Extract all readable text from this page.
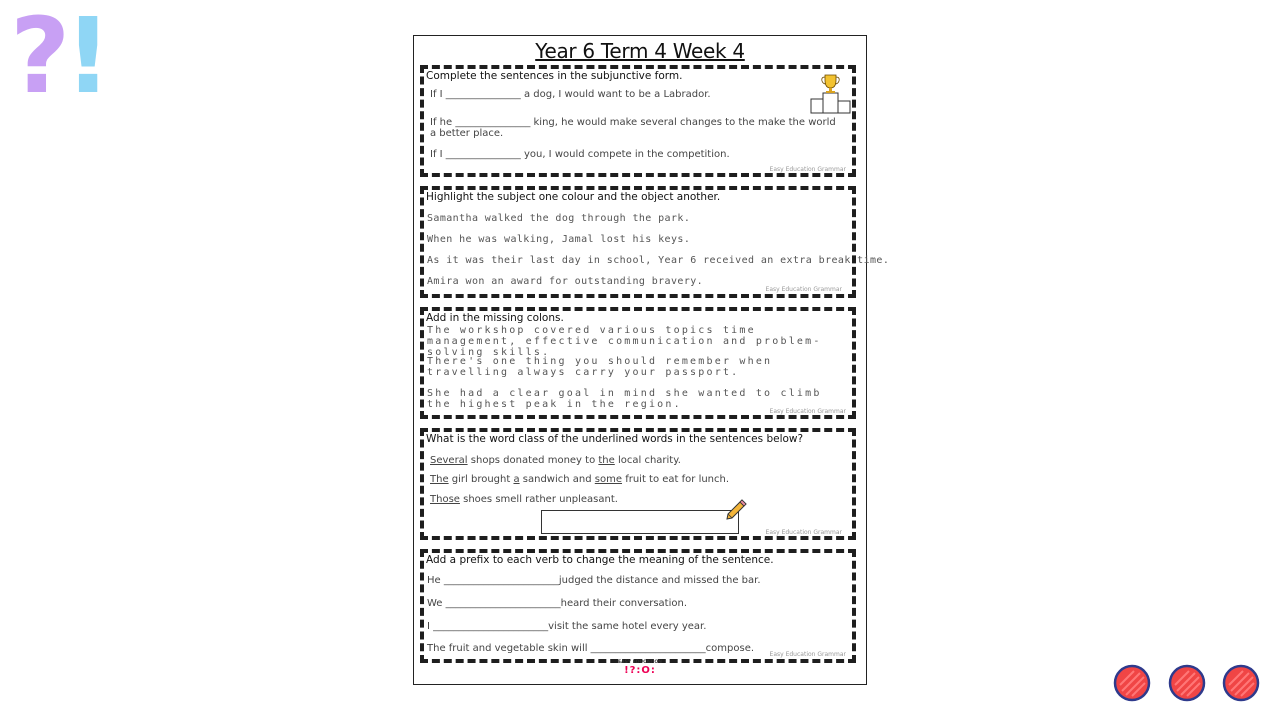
?!	Year 6 Term 4 Week 4
Complete the sentences in the subjunctive form.
If I _______________ a dog, I would want to be a Labrador.
If he _______________ king, he would make several changes to the make the world a better place.
If I _______________ you, I would compete in the competition.
Easy Education Grammar
Highlight the subject one colour and the object another.
Samantha walked the dog through the park.
When he was walking, Jamal lost his keys.
As it was their last day in school, Year 6 received an extra break time.
Amira won an award for outstanding bravery.
Easy Education Grammar
Add in the missing colons.
The workshop covered various topics time management, effective communication and problem-solving skills.
There's one thing you should remember when travelling always carry your passport.
She had a clear goal in mind she wanted to climb the highest peak in the region.
Easy Education Grammar
What is the word class of the underlined words in the sentences below?
Several shops donated money to the local charity.
The girl brought a sandwich and some fruit to eat for lunch.
Those shoes smell rather unpleasant.
Easy Education Grammar
Add a prefix to each verb to change the meaning of the sentence.
He _______________________judged the distance and missed the bar.
We _______________________heard their conversation.
I _______________________visit the same hotel every year.
The fruit and vegetable skin will _______________________compose.
Easy Education Grammar
EASY EDUCATION
!?:O:
